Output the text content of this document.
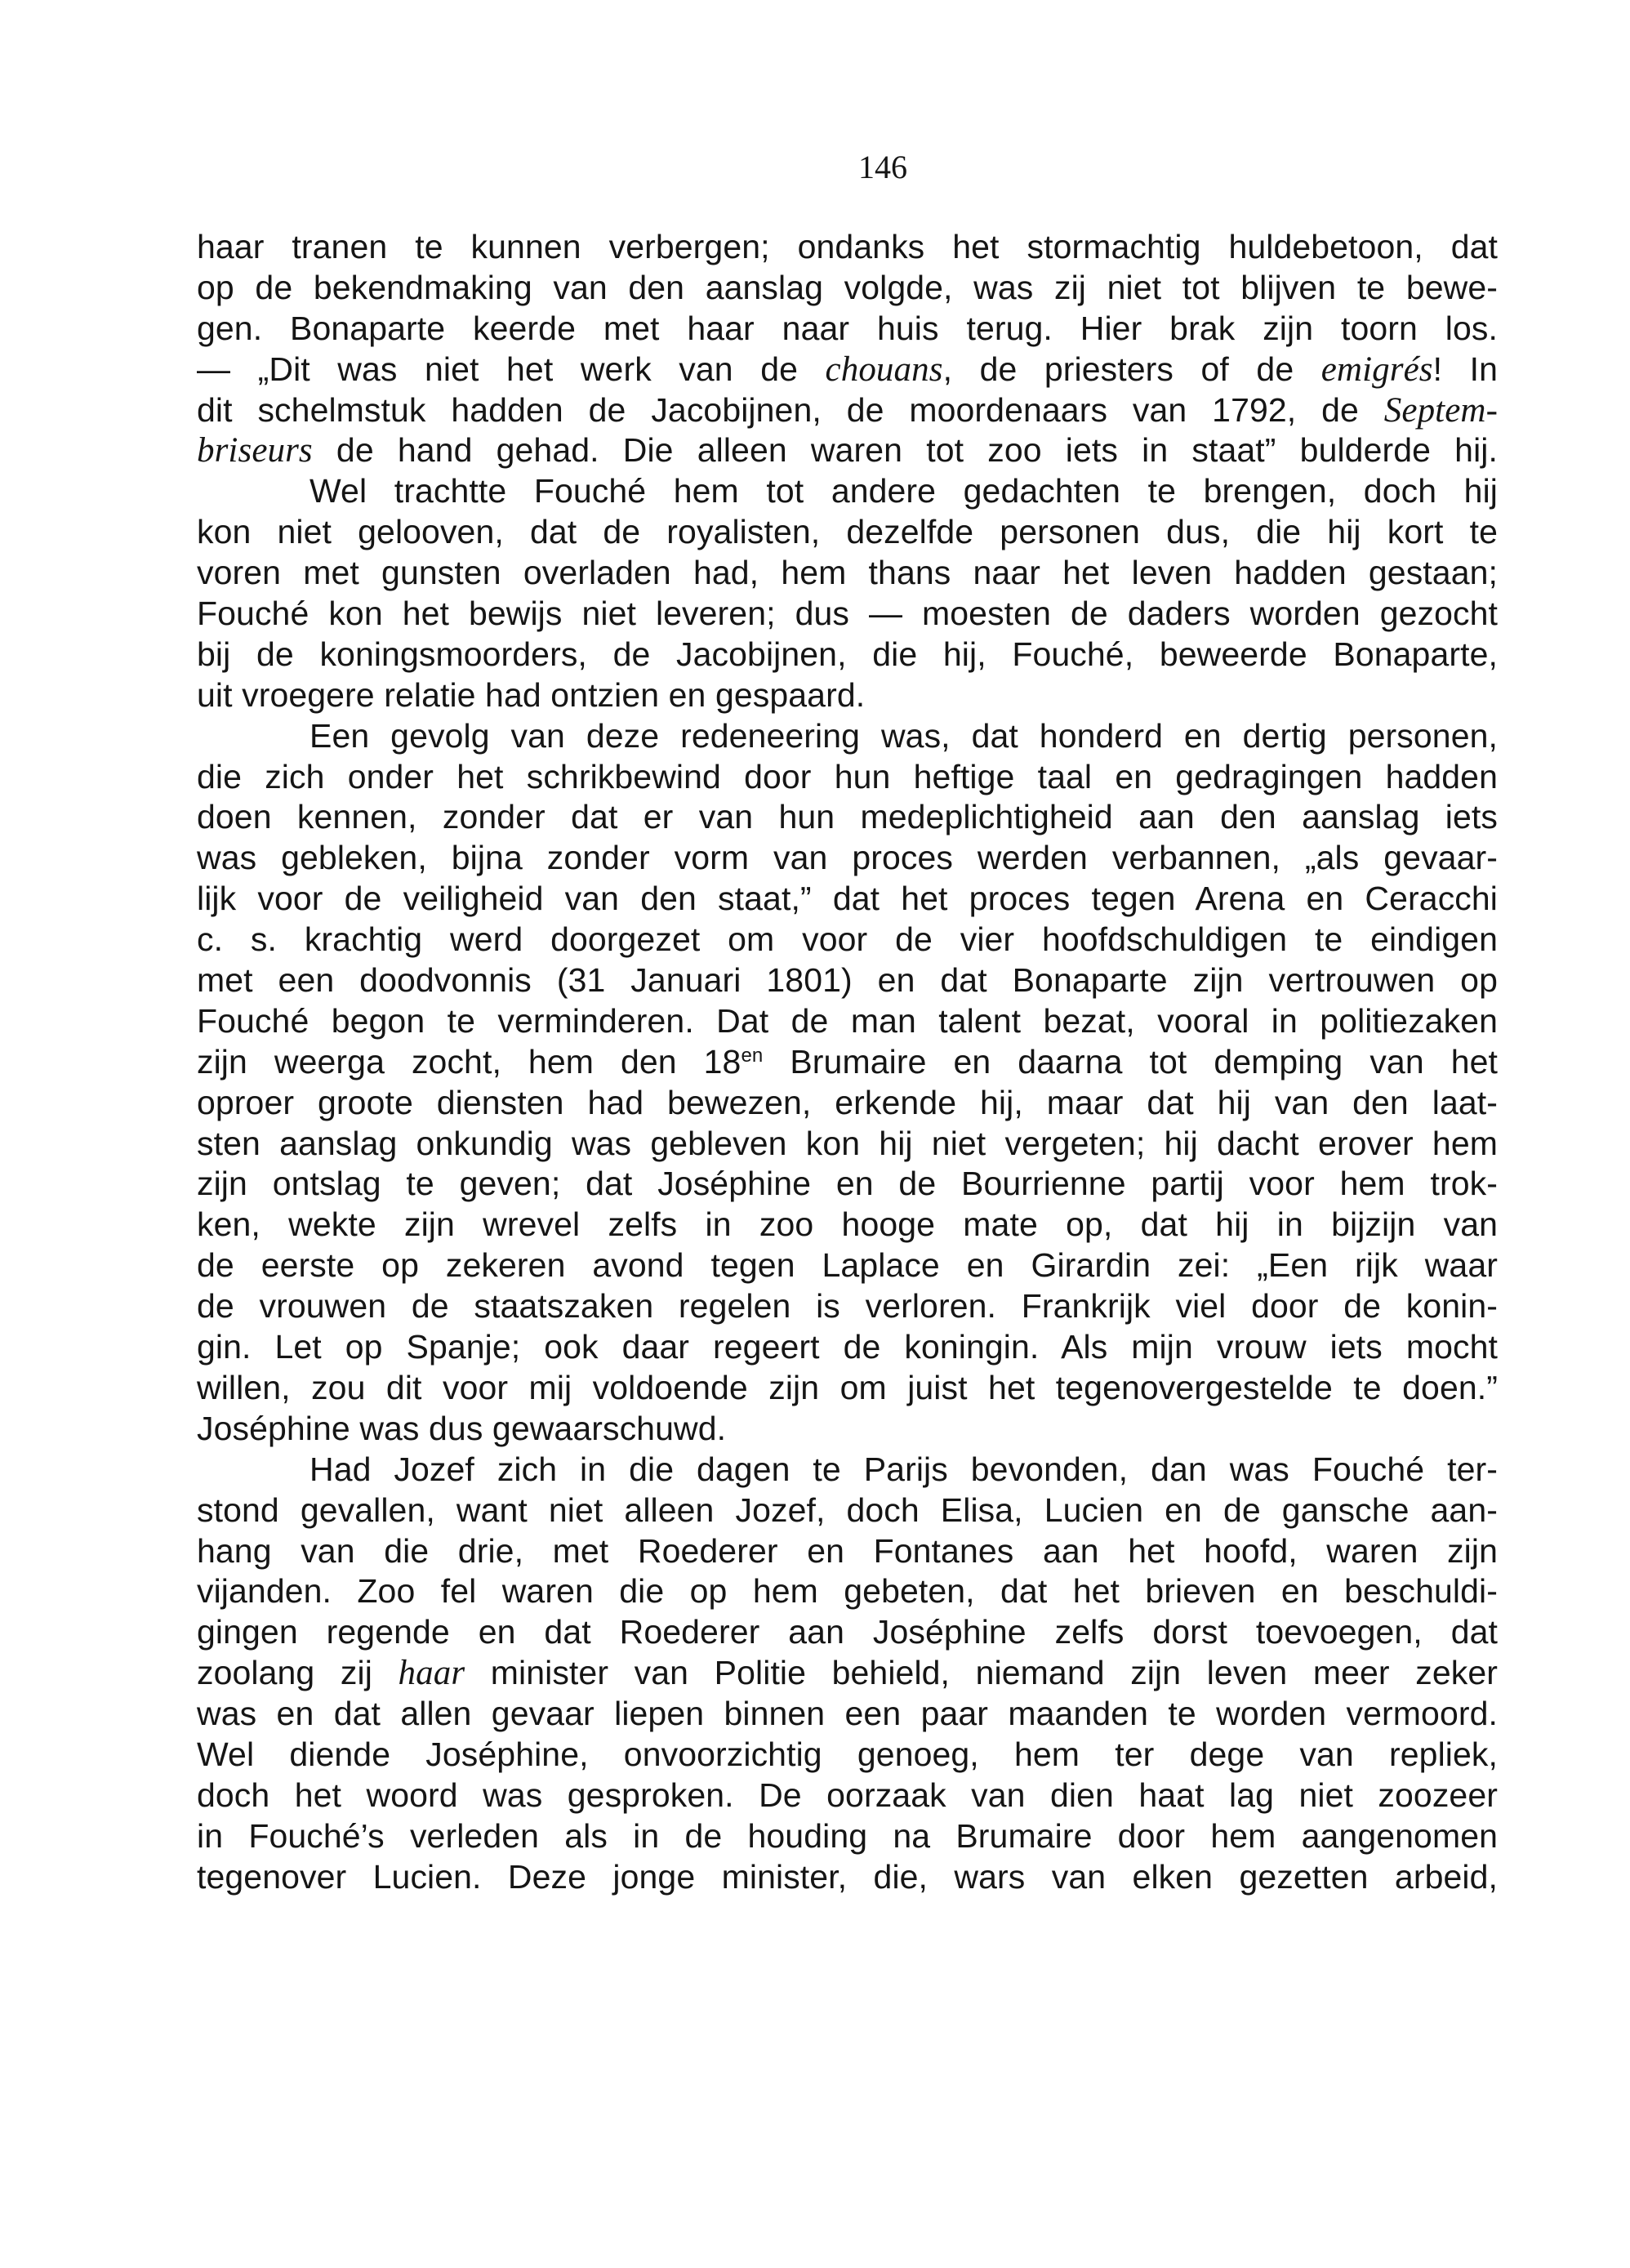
146
haar tranen te kunnen verbergen; ondanks het stormachtig huldebetoon, dat
op de bekendmaking van den aanslag volgde, was zij niet tot blijven te bewe-
gen. Bonaparte keerde met haar naar huis terug. Hier brak zijn toorn los.
— „Dit was niet het werk van de chouans, de priesters of de emigrés! In
dit schelmstuk hadden de Jacobijnen, de moordenaars van 1792, de Septem-
briseurs de hand gehad. Die alleen waren tot zoo iets in staat” bulderde hij.
Wel trachtte Fouché hem tot andere gedachten te brengen, doch hij
kon niet gelooven, dat de royalisten, dezelfde personen dus, die hij kort te
voren met gunsten overladen had, hem thans naar het leven hadden gestaan;
Fouché kon het bewijs niet leveren; dus — moesten de daders worden gezocht
bij de koningsmoorders, de Jacobijnen, die hij, Fouché, beweerde Bonaparte,
uit vroegere relatie had ontzien en gespaard.
Een gevolg van deze redeneering was, dat honderd en dertig personen,
die zich onder het schrikbewind door hun heftige taal en gedragingen hadden
doen kennen, zonder dat er van hun medeplichtigheid aan den aanslag iets
was gebleken, bijna zonder vorm van proces werden verbannen, „als gevaar-
lijk voor de veiligheid van den staat,” dat het proces tegen Arena en Ceracchi
c. s. krachtig werd doorgezet om voor de vier hoofdschuldigen te eindigen
met een doodvonnis (31 Januari 1801) en dat Bonaparte zijn vertrouwen op
Fouché begon te verminderen. Dat de man talent bezat, vooral in politiezaken
zijn weerga zocht, hem den $18^{en}$ Brumaire en daarna tot demping van het
oproer groote diensten had bewezen, erkende hij, maar dat hij van den laat-
sten aanslag onkundig was gebleven kon hij niet vergeten; hij dacht erover hem
zijn ontslag te geven; dat Joséphine en de Bourrienne partij voor hem trok-
ken, wekte zijn wrevel zelfs in zoo hooge mate op, dat hij in bijzijn van
de eerste op zekeren avond tegen Laplace en Girardin zei: „Een rijk waar
de vrouwen de staatszaken regelen is verloren. Frankrijk viel door de konin-
gin. Let op Spanje; ook daar regeert de koningin. Als mijn vrouw iets mocht
willen, zou dit voor mij voldoende zijn om juist het tegenovergestelde te doen.”
Joséphine was dus gewaarschuwd.
Had Jozef zich in die dagen te Parijs bevonden, dan was Fouché ter-
stond gevallen, want niet alleen Jozef, doch Elisa, Lucien en de gansche aan-
hang van die drie, met Roederer en Fontanes aan het hoofd, waren zijn
vijanden. Zoo fel waren die op hem gebeten, dat het brieven en beschuldi-
gingen regende en dat Roederer aan Joséphine zelfs dorst toevoegen, dat
zoolang zij haar minister van Politie behield, niemand zijn leven meer zeker
was en dat allen gevaar liepen binnen een paar maanden te worden vermoord.
Wel diende Joséphine, onvoorzichtig genoeg, hem ter dege van repliek,
doch het woord was gesproken. De oorzaak van dien haat lag niet zoozeer
in Fouché’s verleden als in de houding na Brumaire door hem aangenomen
tegenover Lucien. Deze jonge minister, die, wars van elken gezetten arbeid,
